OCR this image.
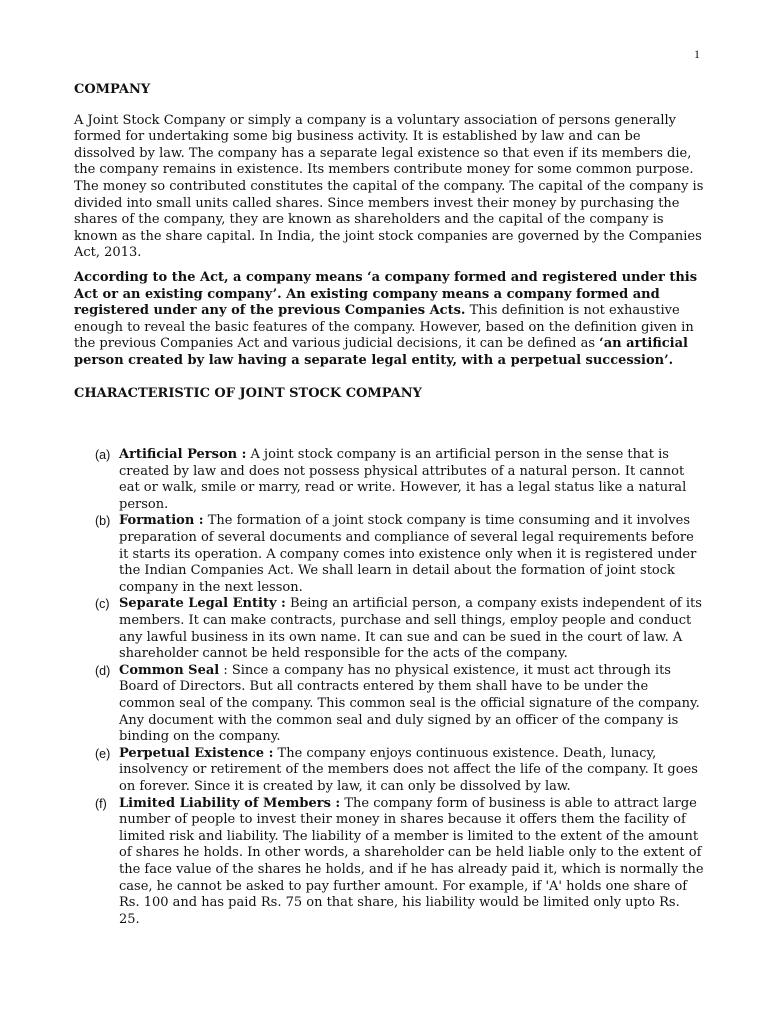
1
COMPANY

A Joint Stock Company or simply a company is a voluntary association of persons generally formed for undertaking some big business activity. It is established by law and can be dissolved by law. The company has a separate legal existence so that even if its members die, the company remains in existence. Its members contribute money for some common purpose. The money so contributed constitutes the capital of the company. The capital of the company is divided into small units called shares. Since members invest their money by purchasing the shares of the company, they are known as shareholders and the capital of the company is known as the share capital. In India, the joint stock companies are governed by the Companies Act, 2013.

According to the Act, a company means ‘a company formed and registered under this Act or an existing company’. An existing company means a company formed and registered under any of the previous Companies Acts. This definition is not exhaustive enough to reveal the basic features of the company. However, based on the definition given in the previous Companies Act and various judicial decisions, it can be defined as ‘an artificial person created by law having a separate legal entity, with a perpetual succession’.

CHARACTERISTIC OF JOINT STOCK COMPANY
(a) Artificial Person : A joint stock company is an artificial person in the sense that is created by law and does not possess physical attributes of a natural person. It cannot eat or walk, smile or marry, read or write. However, it has a legal status like a natural person.
(b) Formation : The formation of a joint stock company is time consuming and it involves preparation of several documents and compliance of several legal requirements before it starts its operation. A company comes into existence only when it is registered under the Indian Companies Act. We shall learn in detail about the formation of joint stock company in the next lesson.
(c) Separate Legal Entity : Being an artificial person, a company exists independent of its members. It can make contracts, purchase and sell things, employ people and conduct any lawful business in its own name. It can sue and can be sued in the court of law. A shareholder cannot be held responsible for the acts of the company.
(d) Common Seal : Since a company has no physical existence, it must act through its Board of Directors. But all contracts entered by them shall have to be under the common seal of the company. This common seal is the official signature of the company. Any document with the common seal and duly signed by an officer of the company is binding on the company.
(e) Perpetual Existence : The company enjoys continuous existence. Death, lunacy, insolvency or retirement of the members does not affect the life of the company. It goes on forever. Since it is created by law, it can only be dissolved by law.
(f) Limited Liability of Members : The company form of business is able to attract large number of people to invest their money in shares because it offers them the facility of limited risk and liability. The liability of a member is limited to the extent of the amount of shares he holds. In other words, a shareholder can be held liable only to the extent of the face value of the shares he holds, and if he has already paid it, which is normally the case, he cannot be asked to pay further amount. For example, if 'A' holds one share of Rs. 100 and has paid Rs. 75 on that share, his liability would be limited only upto Rs. 25.
